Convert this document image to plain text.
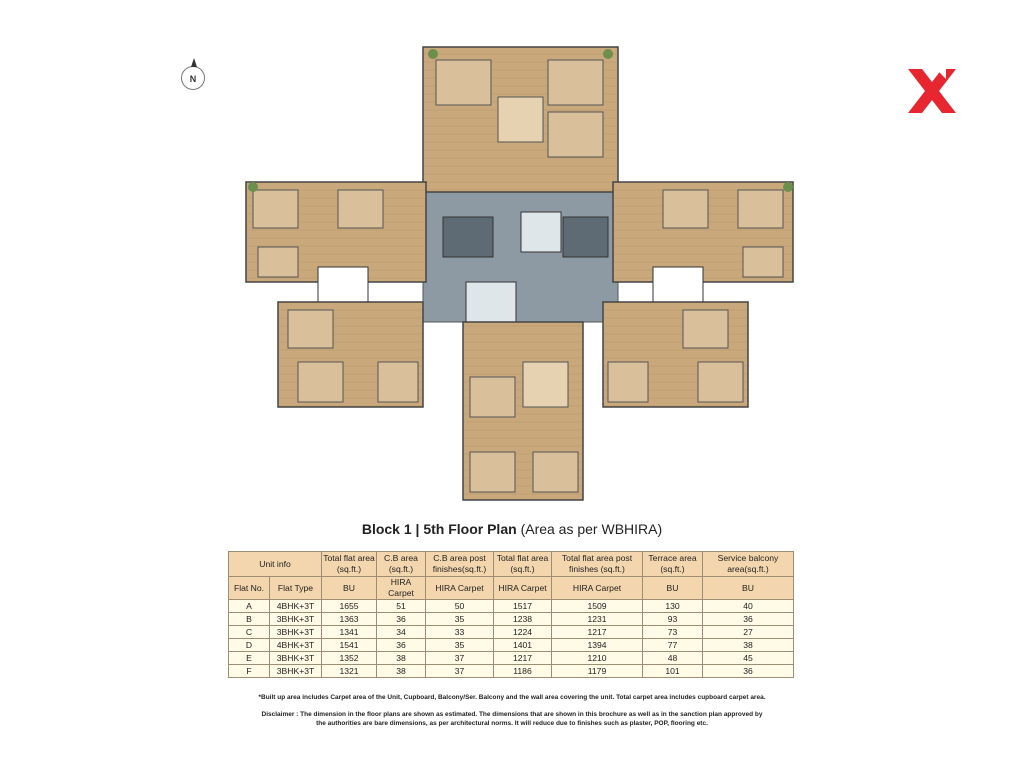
N
Block 1 | 5th Floor Plan (Area as per WBHIRA)
Unit info		Total flat area (sq.ft.)	C.B area (sq.ft.)	C.B area post finishes(sq.ft.)	Total flat area (sq.ft.)	Total flat area post finishes (sq.ft.)	Terrace area (sq.ft.)	Service balcony area(sq.ft.)
Flat No.	Flat Type	BU	HIRA Carpet	HIRA Carpet	HIRA Carpet	HIRA Carpet	BU	BU
A	4BHK+3T	1655	51	50	1517	1509	130	40
B	3BHK+3T	1363	36	35	1238	1231	93	36
C	3BHK+3T	1341	34	33	1224	1217	73	27
D	4BHK+3T	1541	36	35	1401	1394	77	38
E	3BHK+3T	1352	38	37	1217	1210	48	45
F	3BHK+3T	1321	38	37	1186	1179	101	36
*Built up area includes Carpet area of the Unit, Cupboard, Balcony/Ser. Balcony and the wall area covering the unit. Total carpet area includes cupboard carpet area.
Disclaimer : The dimension in the floor plans are shown as estimated. The dimensions that are shown in this brochure as well as in the sanction plan approved by
the authorities are bare dimensions, as per architectural norms. It will reduce due to finishes such as plaster, POP, flooring etc.
